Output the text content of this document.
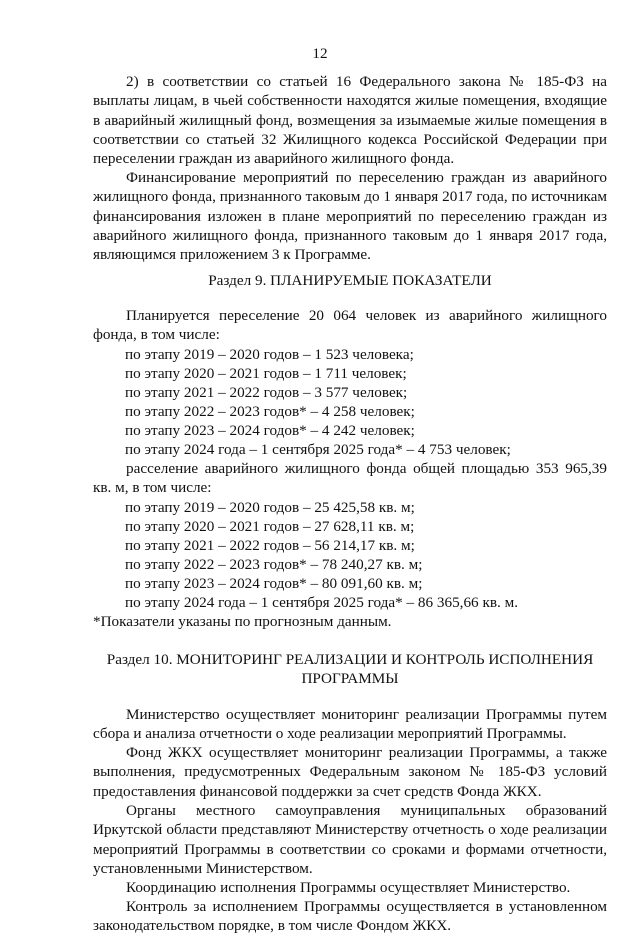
12

2) в соответствии со статьей 16 Федерального закона № 185-ФЗ на выплаты лицам, в чьей собственности находятся жилые помещения, входящие в аварийный жилищный фонд, возмещения за изымаемые жилые помещения в соответствии со статьей 32 Жилищного кодекса Российской Федерации при переселении граждан из аварийного жилищного фонда.

Финансирование мероприятий по переселению граждан из аварийного жилищного фонда, признанного таковым до 1 января 2017 года, по источникам финансирования изложен в плане мероприятий по переселению граждан из аварийного жилищного фонда, признанного таковым до 1 января 2017 года, являющимся приложением 3 к Программе.

Раздел 9. ПЛАНИРУЕМЫЕ ПОКАЗАТЕЛИ

Планируется переселение 20 064 человек из аварийного жилищного фонда, в том числе:

по этапу 2019 – 2020 годов – 1 523 человека;

по этапу 2020 – 2021 годов – 1 711 человек;

по этапу 2021 – 2022 годов – 3 577 человек;

по этапу 2022 – 2023 годов* – 4 258 человек;

по этапу 2023 – 2024 годов* – 4 242 человек;

по этапу 2024 года – 1 сентября 2025 года* – 4 753 человек;

расселение аварийного жилищного фонда общей площадью 353 965,39 кв. м, в том числе:

по этапу 2019 – 2020 годов – 25 425,58 кв. м;

по этапу 2020 – 2021 годов – 27 628,11 кв. м;

по этапу 2021 – 2022 годов – 56 214,17 кв. м;

по этапу 2022 – 2023 годов* – 78 240,27 кв. м;

по этапу 2023 – 2024 годов* – 80 091,60 кв. м;

по этапу 2024 года – 1 сентября 2025 года* – 86 365,66 кв. м.

*Показатели указаны по прогнозным данным.

Раздел 10. МОНИТОРИНГ РЕАЛИЗАЦИИ И КОНТРОЛЬ ИСПОЛНЕНИЯ

ПРОГРАММЫ

Министерство осуществляет мониторинг реализации Программы путем сбора и анализа отчетности о ходе реализации мероприятий Программы.

Фонд ЖКХ осуществляет мониторинг реализации Программы, а также выполнения, предусмотренных Федеральным законом № 185-ФЗ условий предоставления финансовой поддержки за счет средств Фонда ЖКХ.

Органы местного самоуправления муниципальных образований Иркутской области представляют Министерству отчетность о ходе реализации мероприятий Программы в соответствии со сроками и формами отчетности, установленными Министерством.

Координацию исполнения Программы осуществляет Министерство.

Контроль за исполнением Программы осуществляется в установленном законодательством порядке, в том числе Фондом ЖКХ.
